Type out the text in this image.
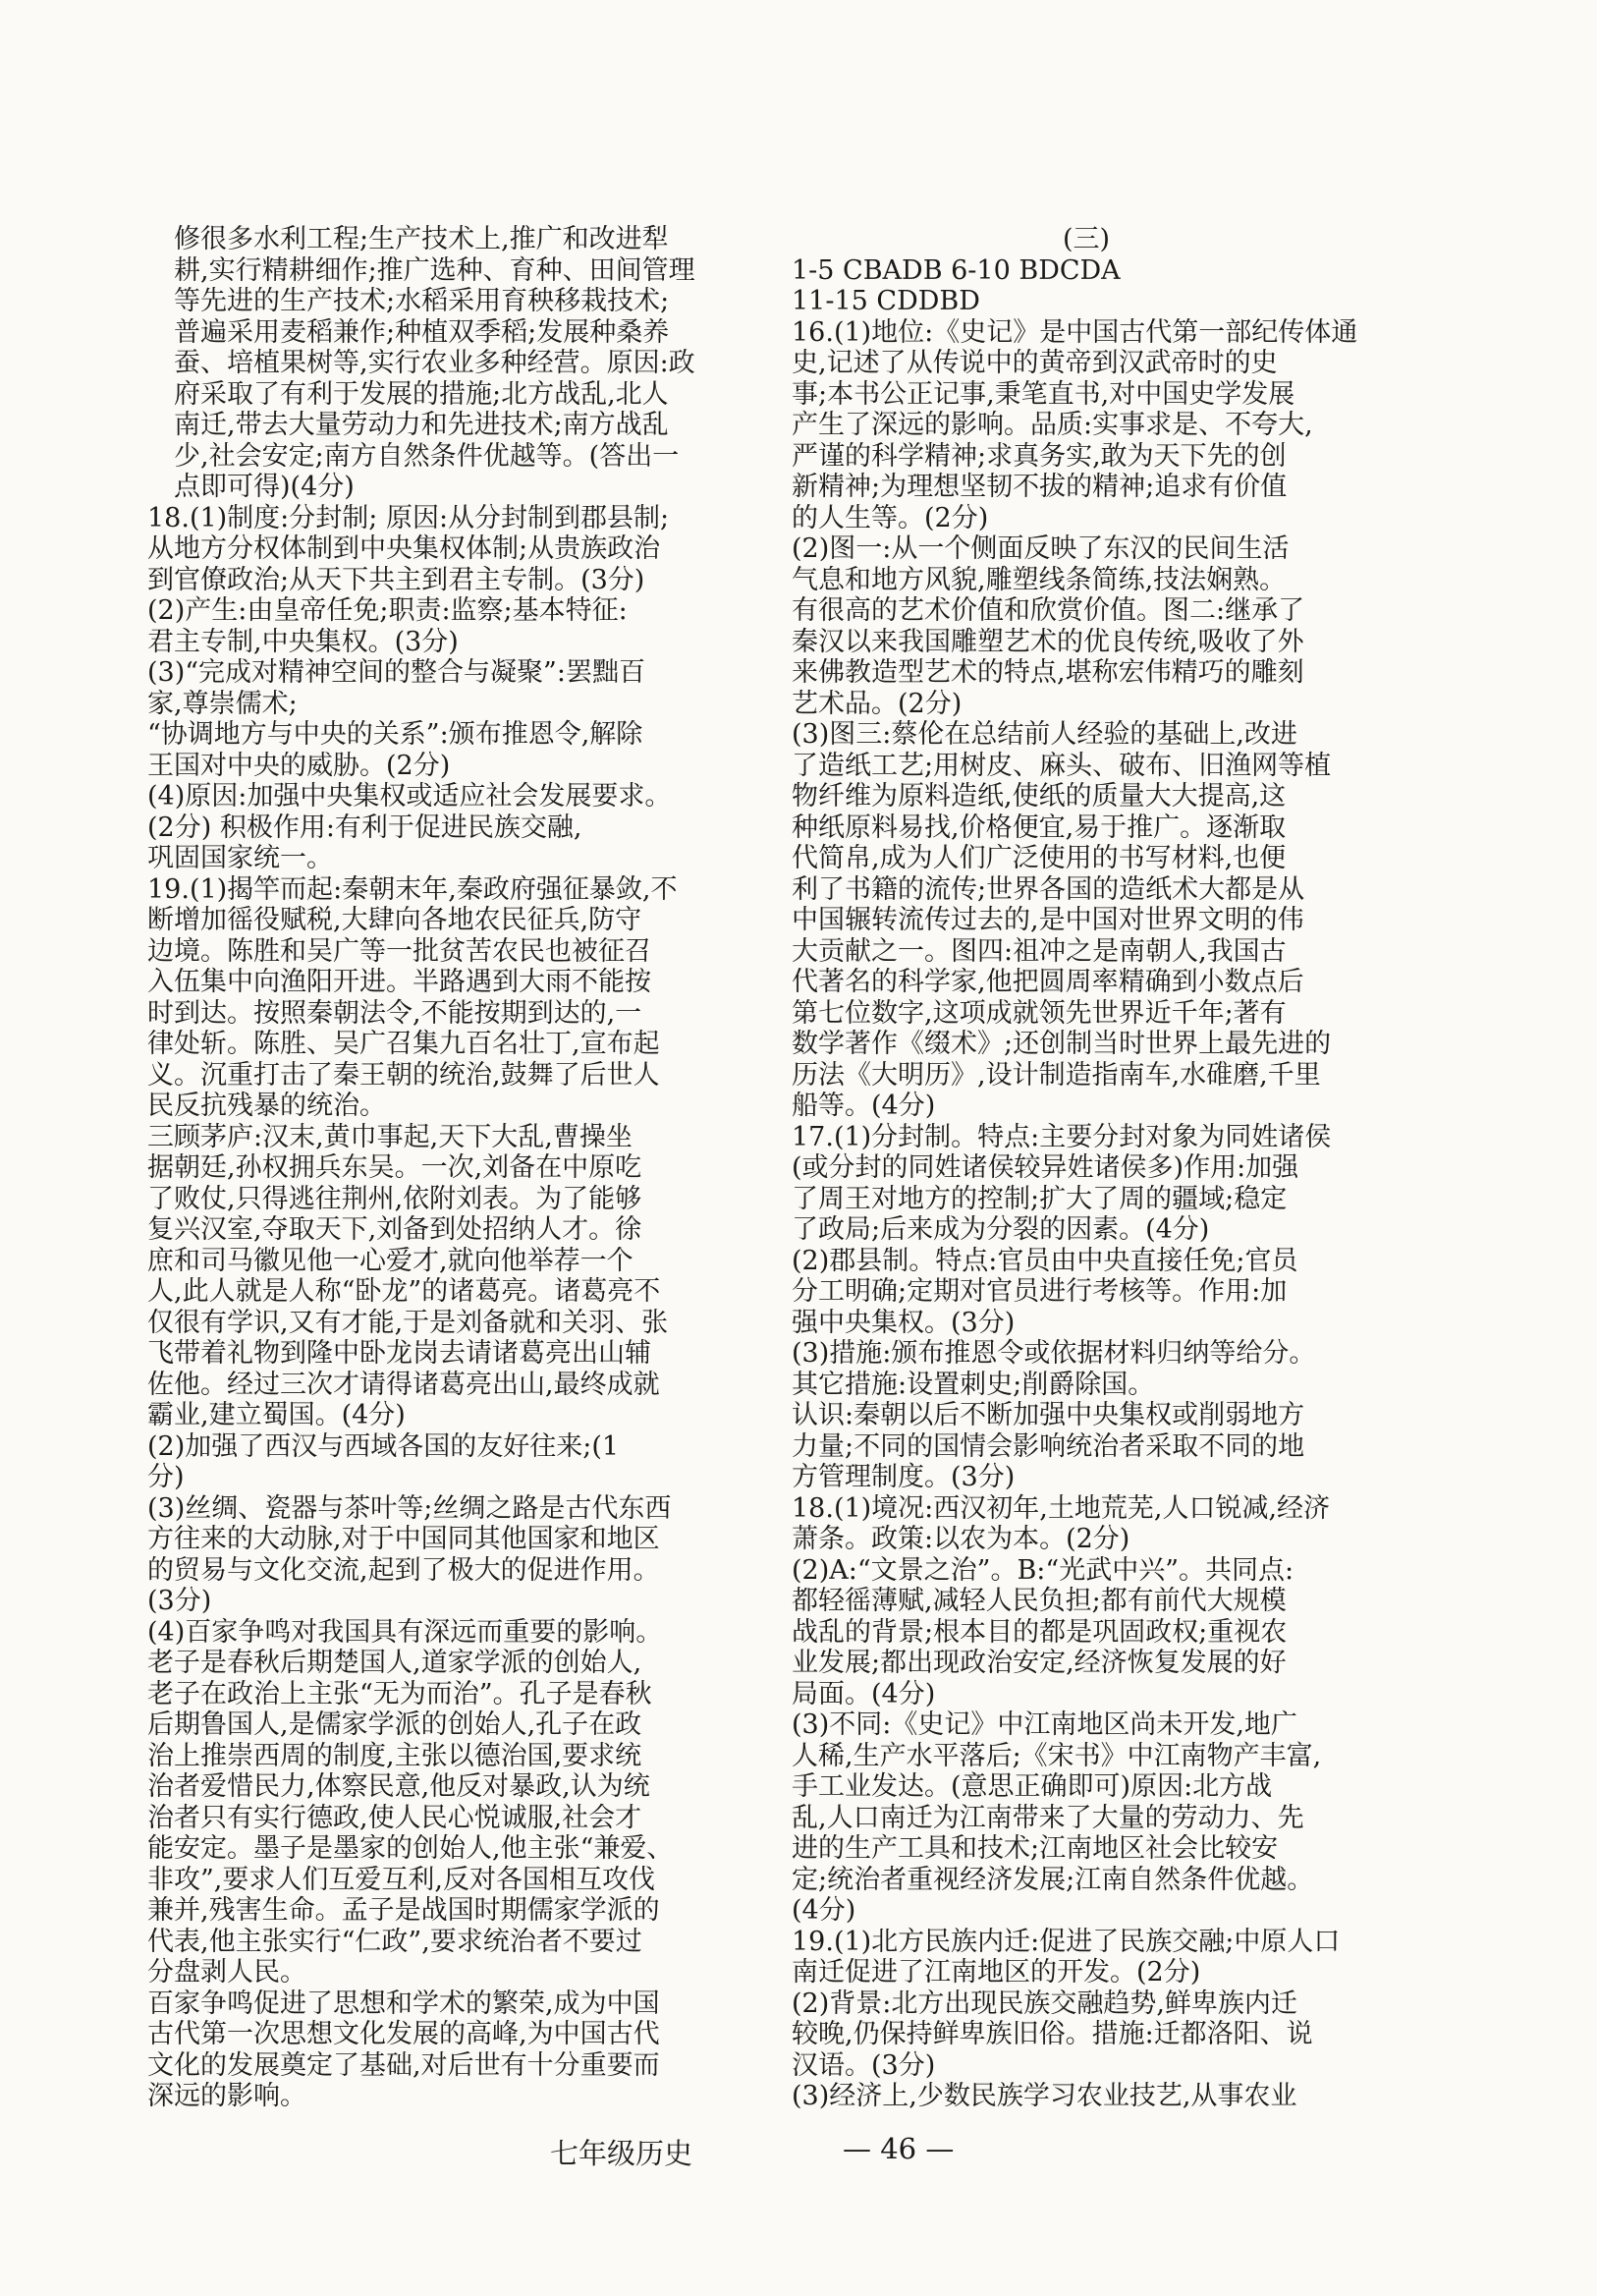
修很多水利工程;生产技术上,推广和改进犁
耕,实行精耕细作;推广选种、育种、田间管理
等先进的生产技术;水稻采用育秧移栽技术;
普遍采用麦稻兼作;种植双季稻;发展种桑养
蚕、培植果树等,实行农业多种经营。原因:政
府采取了有利于发展的措施;北方战乱,北人
南迁,带去大量劳动力和先进技术;南方战乱
少,社会安定;南方自然条件优越等。(答出一
点即可得)(4分)
18.(1)制度:分封制; 原因:从分封制到郡县制;
从地方分权体制到中央集权体制;从贵族政治
到官僚政治;从天下共主到君主专制。(3分)
(2)产生:由皇帝任免;职责:监察;基本特征:
君主专制,中央集权。(3分)
(3)“完成对精神空间的整合与凝聚”:罢黜百
家,尊崇儒术;
“协调地方与中央的关系”:颁布推恩令,解除
王国对中央的威胁。(2分)
(4)原因:加强中央集权或适应社会发展要求。
(2分) 积极作用:有利于促进民族交融,
巩固国家统一。
19.(1)揭竿而起:秦朝末年,秦政府强征暴敛,不
断增加徭役赋税,大肆向各地农民征兵,防守
边境。陈胜和吴广等一批贫苦农民也被征召
入伍集中向渔阳开进。半路遇到大雨不能按
时到达。按照秦朝法令,不能按期到达的,一
律处斩。陈胜、吴广召集九百名壮丁,宣布起
义。沉重打击了秦王朝的统治,鼓舞了后世人
民反抗残暴的统治。
三顾茅庐:汉末,黄巾事起,天下大乱,曹操坐
据朝廷,孙权拥兵东吴。一次,刘备在中原吃
了败仗,只得逃往荆州,依附刘表。为了能够
复兴汉室,夺取天下,刘备到处招纳人才。徐
庶和司马徽见他一心爱才,就向他举荐一个
人,此人就是人称“卧龙”的诸葛亮。诸葛亮不
仅很有学识,又有才能,于是刘备就和关羽、张
飞带着礼物到隆中卧龙岗去请诸葛亮出山辅
佐他。经过三次才请得诸葛亮出山,最终成就
霸业,建立蜀国。(4分)
(2)加强了西汉与西域各国的友好往来;(1
分)
(3)丝绸、瓷器与茶叶等;丝绸之路是古代东西
方往来的大动脉,对于中国同其他国家和地区
的贸易与文化交流,起到了极大的促进作用。
(3分)
(4)百家争鸣对我国具有深远而重要的影响。
老子是春秋后期楚国人,道家学派的创始人,
老子在政治上主张“无为而治”。孔子是春秋
后期鲁国人,是儒家学派的创始人,孔子在政
治上推崇西周的制度,主张以德治国,要求统
治者爱惜民力,体察民意,他反对暴政,认为统
治者只有实行德政,使人民心悦诚服,社会才
能安定。墨子是墨家的创始人,他主张“兼爱、
非攻”,要求人们互爱互利,反对各国相互攻伐
兼并,残害生命。孟子是战国时期儒家学派的
代表,他主张实行“仁政”,要求统治者不要过
分盘剥人民。
百家争鸣促进了思想和学术的繁荣,成为中国
古代第一次思想文化发展的高峰,为中国古代
文化的发展奠定了基础,对后世有十分重要而
深远的影响。
(三)
1-5 CBADB 6-10 BDCDA
11-15 CDDBD
16.(1)地位:《史记》是中国古代第一部纪传体通
史,记述了从传说中的黄帝到汉武帝时的史
事;本书公正记事,秉笔直书,对中国史学发展
产生了深远的影响。品质:实事求是、不夸大,
严谨的科学精神;求真务实,敢为天下先的创
新精神;为理想坚韧不拔的精神;追求有价值
的人生等。(2分)
(2)图一:从一个侧面反映了东汉的民间生活
气息和地方风貌,雕塑线条简练,技法娴熟。
有很高的艺术价值和欣赏价值。图二:继承了
秦汉以来我国雕塑艺术的优良传统,吸收了外
来佛教造型艺术的特点,堪称宏伟精巧的雕刻
艺术品。(2分)
(3)图三:蔡伦在总结前人经验的基础上,改进
了造纸工艺;用树皮、麻头、破布、旧渔网等植
物纤维为原料造纸,使纸的质量大大提高,这
种纸原料易找,价格便宜,易于推广。逐渐取
代简帛,成为人们广泛使用的书写材料,也便
利了书籍的流传;世界各国的造纸术大都是从
中国辗转流传过去的,是中国对世界文明的伟
大贡献之一。图四:祖冲之是南朝人,我国古
代著名的科学家,他把圆周率精确到小数点后
第七位数字,这项成就领先世界近千年;著有
数学著作《缀术》;还创制当时世界上最先进的
历法《大明历》,设计制造指南车,水碓磨,千里
船等。(4分)
17.(1)分封制。特点:主要分封对象为同姓诸侯
(或分封的同姓诸侯较异姓诸侯多)作用:加强
了周王对地方的控制;扩大了周的疆域;稳定
了政局;后来成为分裂的因素。(4分)
(2)郡县制。特点:官员由中央直接任免;官员
分工明确;定期对官员进行考核等。作用:加
强中央集权。(3分)
(3)措施:颁布推恩令或依据材料归纳等给分。
其它措施:设置刺史;削爵除国。
认识:秦朝以后不断加强中央集权或削弱地方
力量;不同的国情会影响统治者采取不同的地
方管理制度。(3分)
18.(1)境况:西汉初年,土地荒芜,人口锐减,经济
萧条。政策:以农为本。(2分)
(2)A:“文景之治”。B:“光武中兴”。共同点:
都轻徭薄赋,减轻人民负担;都有前代大规模
战乱的背景;根本目的都是巩固政权;重视农
业发展;都出现政治安定,经济恢复发展的好
局面。(4分)
(3)不同:《史记》中江南地区尚未开发,地广
人稀,生产水平落后;《宋书》中江南物产丰富,
手工业发达。(意思正确即可)原因:北方战
乱,人口南迁为江南带来了大量的劳动力、先
进的生产工具和技术;江南地区社会比较安
定;统治者重视经济发展;江南自然条件优越。
(4分)
19.(1)北方民族内迁:促进了民族交融;中原人口
南迁促进了江南地区的开发。(2分)
(2)背景:北方出现民族交融趋势,鲜卑族内迁
较晚,仍保持鲜卑族旧俗。措施:迁都洛阳、说
汉语。(3分)
(3)经济上,少数民族学习农业技艺,从事农业
七年级历史	— 46 —
